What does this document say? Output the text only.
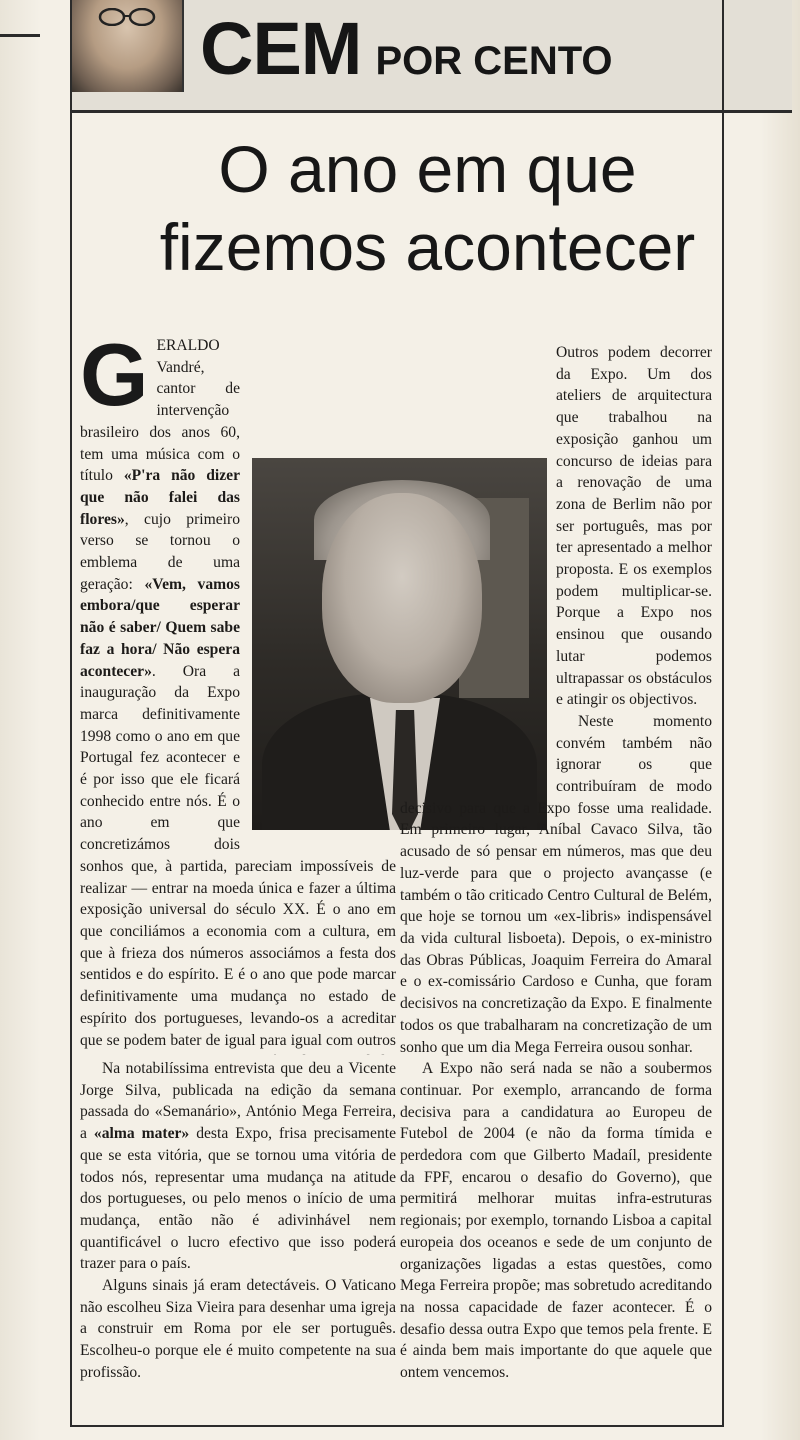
CEM POR CENTO
O ano em que
fizemos acontecer

G ERALDO Vandré, cantor de intervenção brasileiro dos anos 60, tem uma música com o título «P'ra não dizer que não falei das flores», cujo primeiro verso se tornou o emblema de uma geração: «Vem, vamos embora/que esperar não é saber/ Quem sabe faz a hora/ Não espera acontecer». Ora a inauguração da Expo marca definitivamente 1998 como o ano em que Portugal fez acontecer e é por isso que ele ficará conhecido entre nós. É o ano em que concretizámos dois sonhos que, à partida, pareciam impossíveis de realizar — entrar na moeda única e fazer a última exposição universal do século XX. É o ano em que conciliámos a economia com a cultura, em que à frieza dos números associámos a festa dos sentidos e do espírito. E é o ano que pode marcar definitivamente uma mudança no estado de espírito dos portugueses, levando-os a acreditar que se podem bater de igual para igual com outros

Outros podem decorrer da Expo. Um dos ateliers de arquitectura que trabalhou na exposição ganhou um concurso de ideias para a renovação de uma zona de Berlim não por ser português, mas por ter apresentado a melhor proposta. E os exemplos podem multiplicar-se. Porque a Expo nos ensinou que ousando lutar podemos ultrapassar os obstáculos e atingir os objectivos.

Neste momento convém também não ignorar os que contribuíram de modo decisivo para que a Expo fosse uma realidade. Em primeiro lugar, Aníbal Cavaco Silva, tão acusado de só pensar em números, mas que deu luz-verde para que o projecto avançasse (e também o tão criticado Centro Cultural de Belém, que hoje se tornou um «ex-libris» indispensável da vida cultural lisboeta). Depois, o ex-ministro das Obras Públicas, Joaquim Ferreira do Amaral e o ex-comissário Cardoso e Cunha, que foram decisivos na concretização da Expo. E finalmente todos os que trabalharam na concretização de um sonho que um dia Mega Ferreira ousou sonhar.

A Expo não será nada se não a soubermos continuar. Por exemplo, arrancando de forma decisiva para a candidatura ao Europeu de Futebol de 2004 (e não da forma tímida e perdedora com que Gilberto Madaíl, presidente da FPF, encarou o desafio do Governo), que permitirá melhorar muitas infra-estruturas regionais; por exemplo, tornando Lisboa a capital europeia dos oceanos e sede de um conjunto de organizações ligadas a estas questões, como Mega Ferreira propõe; mas sobretudo acreditando na nossa capacidade de fazer acontecer. É o desafio dessa outra Expo que temos pela frente. E é ainda bem mais importante do que aquele que ontem vencemos.

Na notabilíssima entrevista que deu a Vicente Jorge Silva, publicada na edição da semana passada do «Semanário», António Mega Ferreira, a «alma mater» desta Expo, frisa precisamente que se esta vitória, que se tornou uma vitória de todos nós, representar uma mudança na atitude dos portugueses, ou pelo menos o início de uma mudança, então não é adivinhável nem quantificável o lucro efectivo que isso poderá trazer para o país.

Alguns sinais já eram detectáveis. O Vaticano não escolheu Siza Vieira para desenhar uma igreja a construir em Roma por ele ser português. Escolheu-o porque ele é muito competente na sua profissão.
